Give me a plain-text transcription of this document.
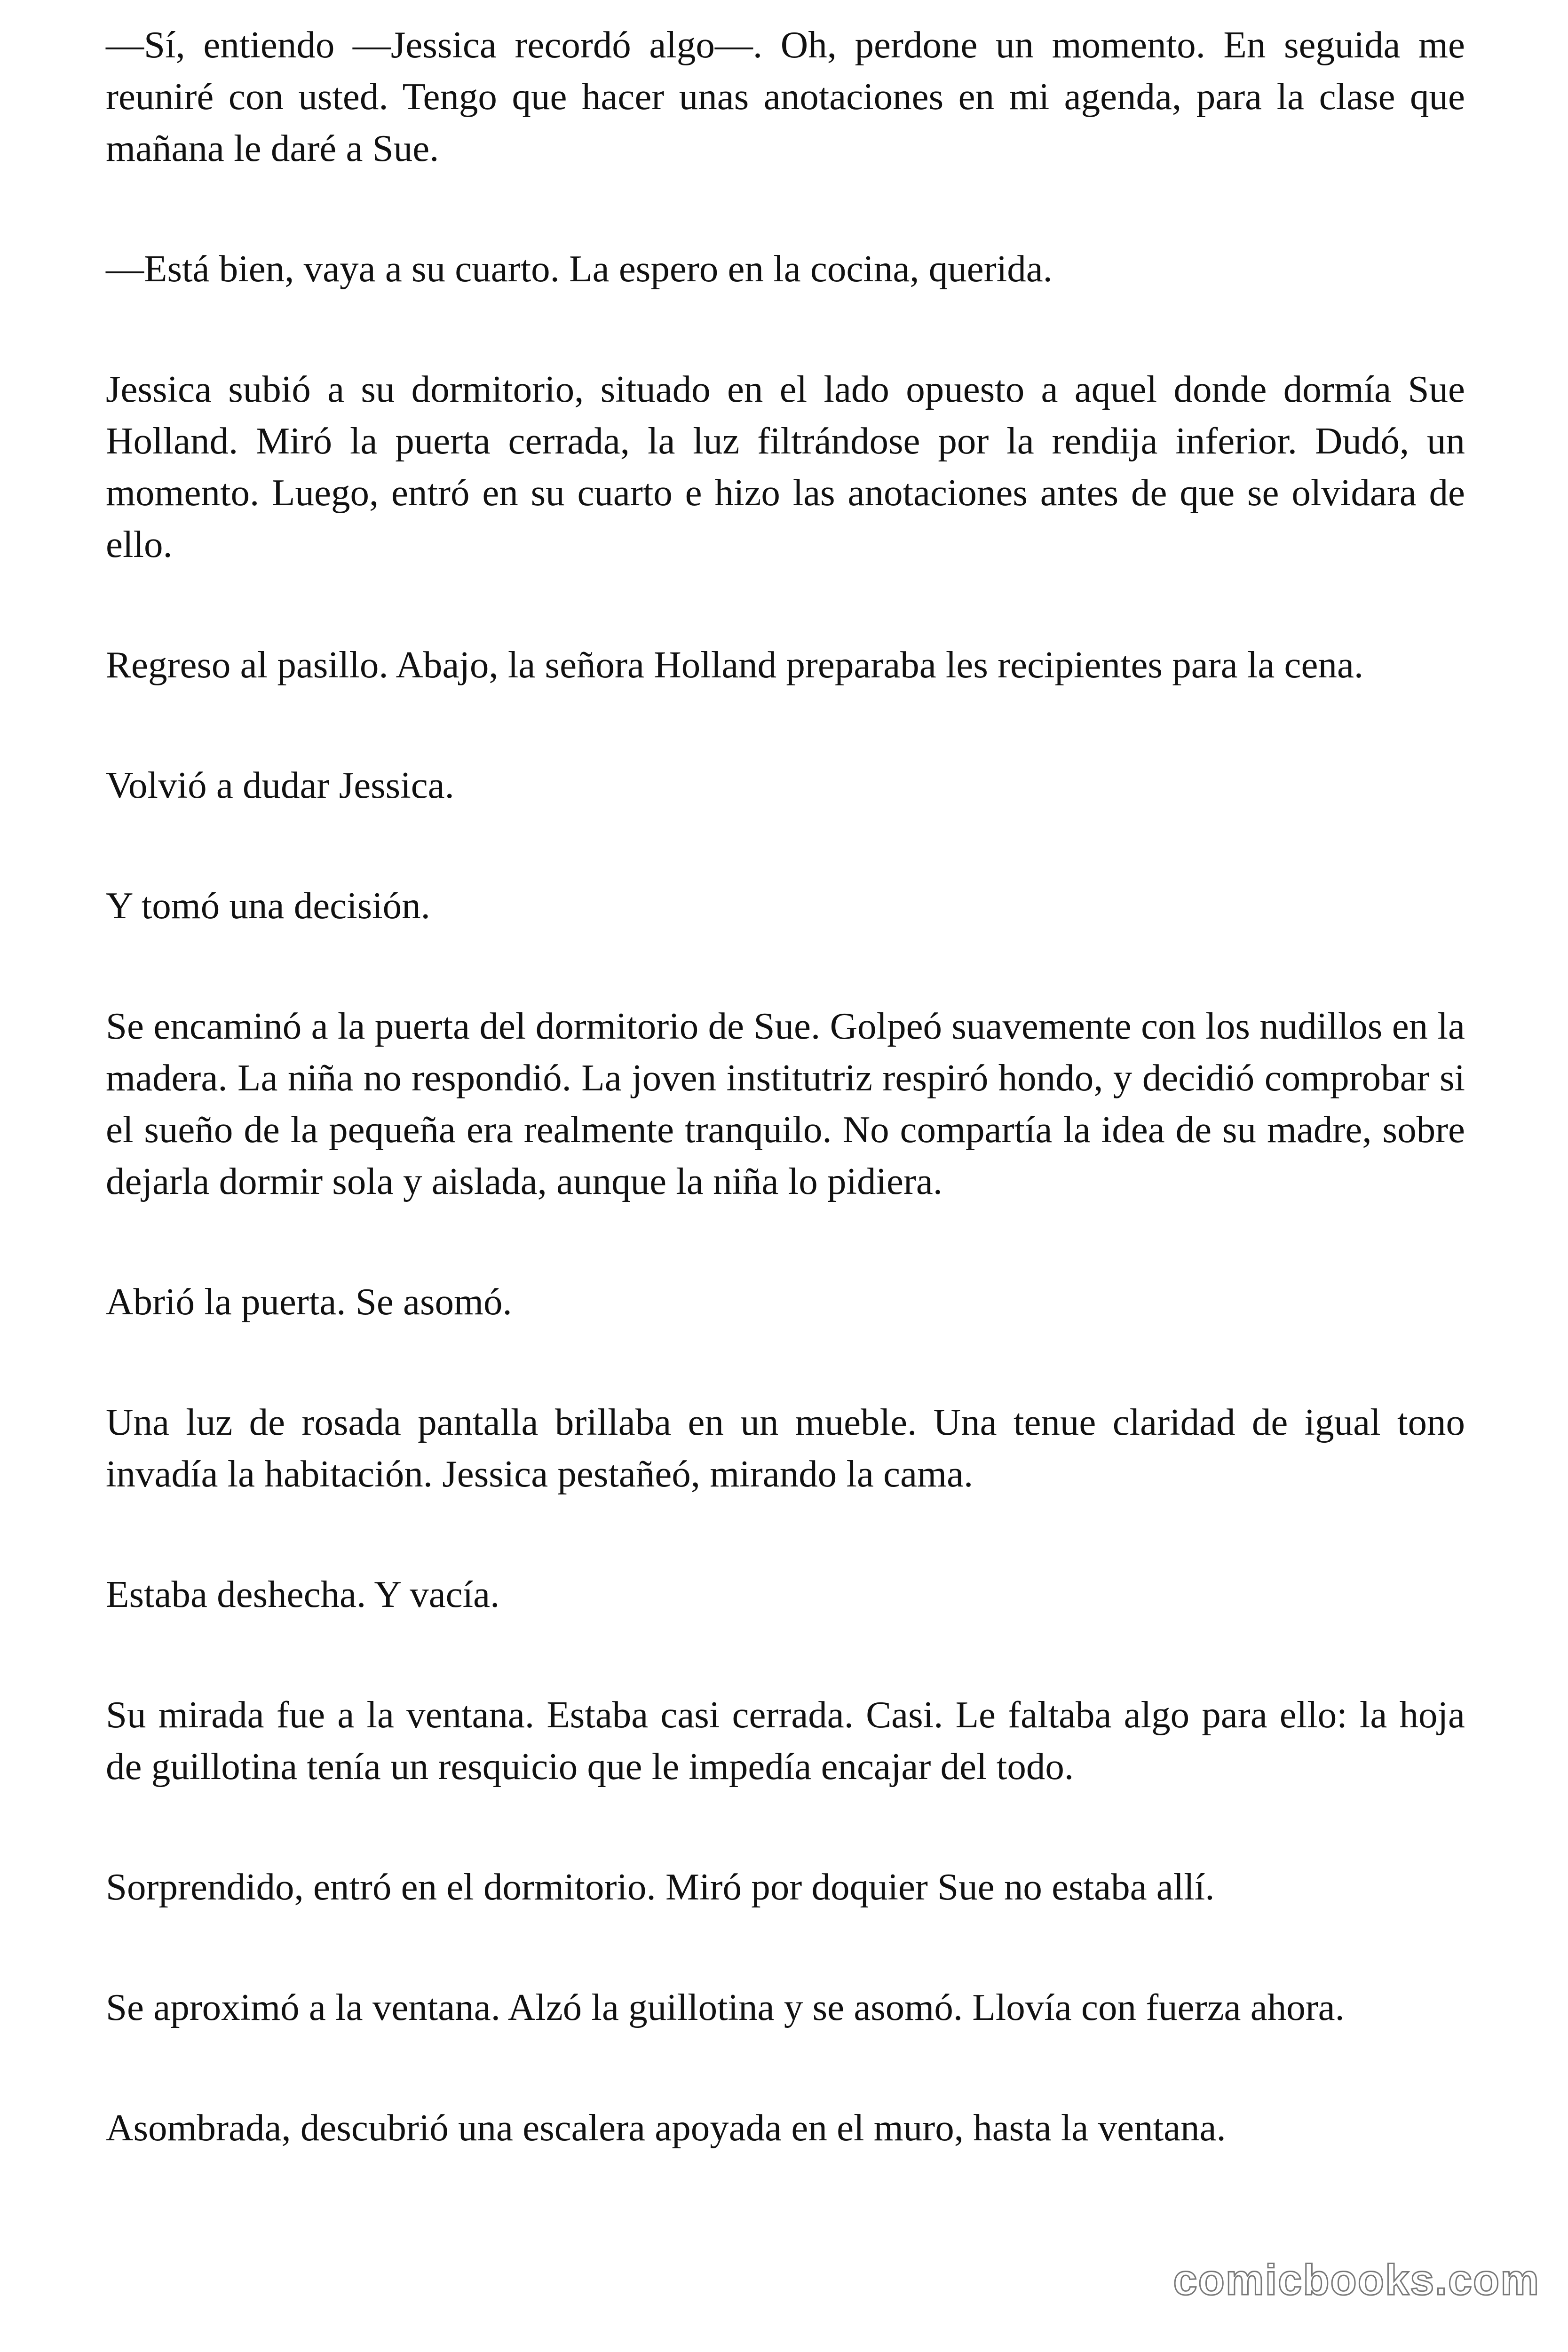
—Sí, entiendo —Jessica recordó algo—. Oh, perdone un momento. En seguida me reuniré con usted. Tengo que hacer unas anotaciones en mi agenda, para la clase que mañana le daré a Sue.

—Está bien, vaya a su cuarto. La espero en la cocina, querida.

Jessica subió a su dormitorio, situado en el lado opuesto a aquel donde dormía Sue Holland. Miró la puerta cerrada, la luz filtrándose por la rendija inferior. Dudó, un momento. Luego, entró en su cuarto e hizo las anotaciones antes de que se olvidara de ello.

Regreso al pasillo. Abajo, la señora Holland preparaba les recipientes para la cena.

Volvió a dudar Jessica.

Y tomó una decisión.

Se encaminó a la puerta del dormitorio de Sue. Golpeó suavemente con los nudillos en la madera. La niña no respondió. La joven institutriz respiró hondo, y decidió comprobar si el sueño de la pequeña era realmente tranquilo. No compartía la idea de su madre, sobre dejarla dormir sola y aislada, aunque la niña lo pidiera.

Abrió la puerta. Se asomó.

Una luz de rosada pantalla brillaba en un mueble. Una tenue claridad de igual tono invadía la habitación. Jessica pestañeó, mirando la cama.

Estaba deshecha. Y vacía.

Su mirada fue a la ventana. Estaba casi cerrada. Casi. Le faltaba algo para ello: la hoja de guillotina tenía un resquicio que le impedía encajar del todo.

Sorprendido, entró en el dormitorio. Miró por doquier Sue no estaba allí.

Se aproximó a la ventana. Alzó la guillotina y se asomó. Llovía con fuerza ahora.

Asombrada, descubrió una escalera apoyada en el muro, hasta la ventana.

comicbooks.com
